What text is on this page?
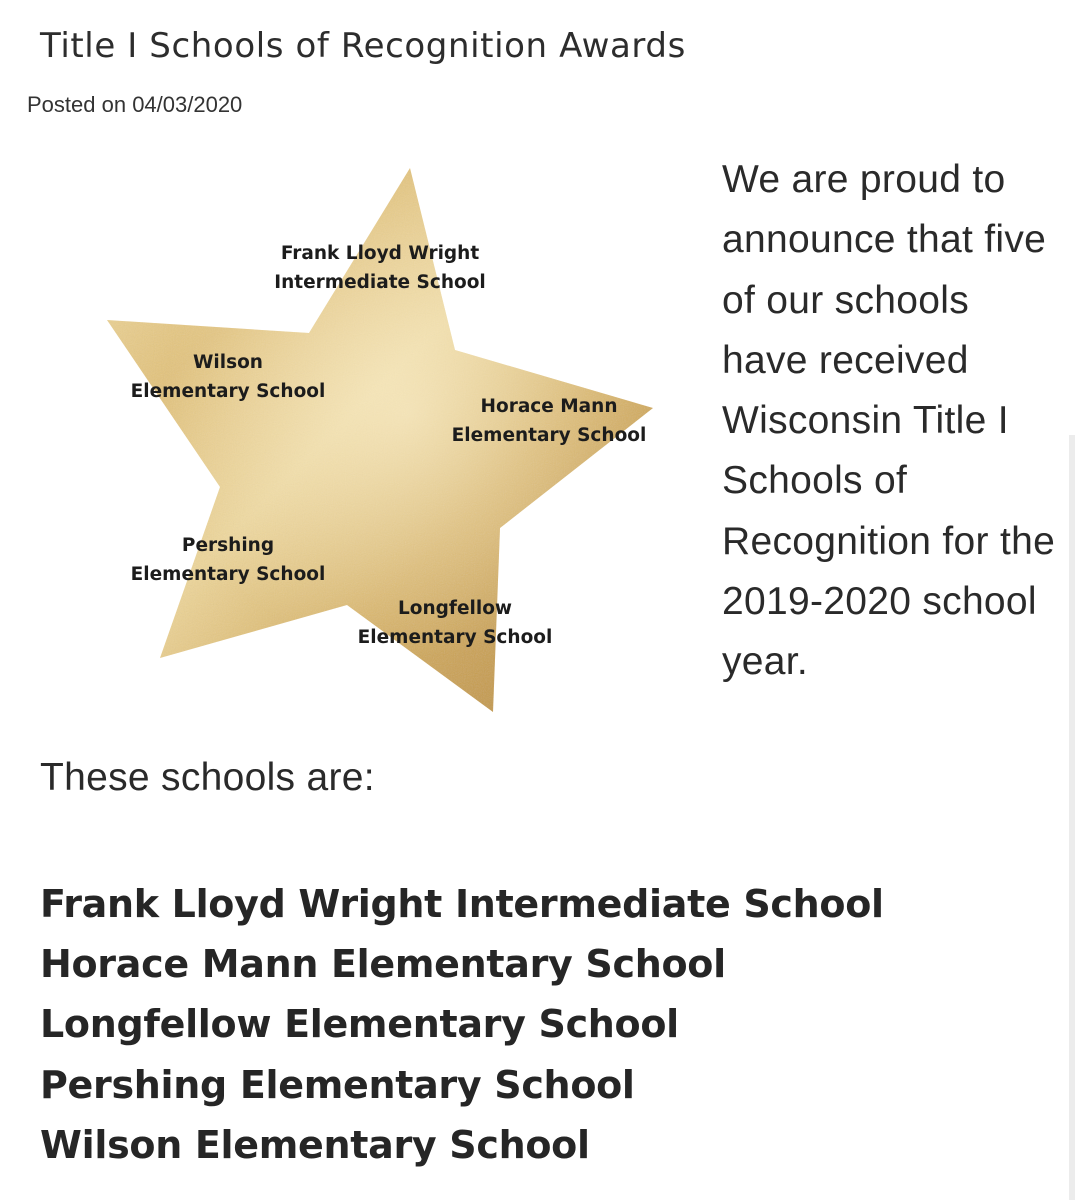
Title I Schools of Recognition Awards
Posted on 04/03/2020
Frank Lloyd Wright
Intermediate School
Wilson
Elementary School
Horace Mann
Elementary School
Pershing
Elementary School
Longfellow
Elementary School
We are proud to announce that five of our schools have received Wisconsin Title I Schools of Recognition for the 2019-2020 school year.
These schools are:
Frank Lloyd Wright Intermediate School
Horace Mann Elementary School
Longfellow Elementary School
Pershing Elementary School
Wilson Elementary School
